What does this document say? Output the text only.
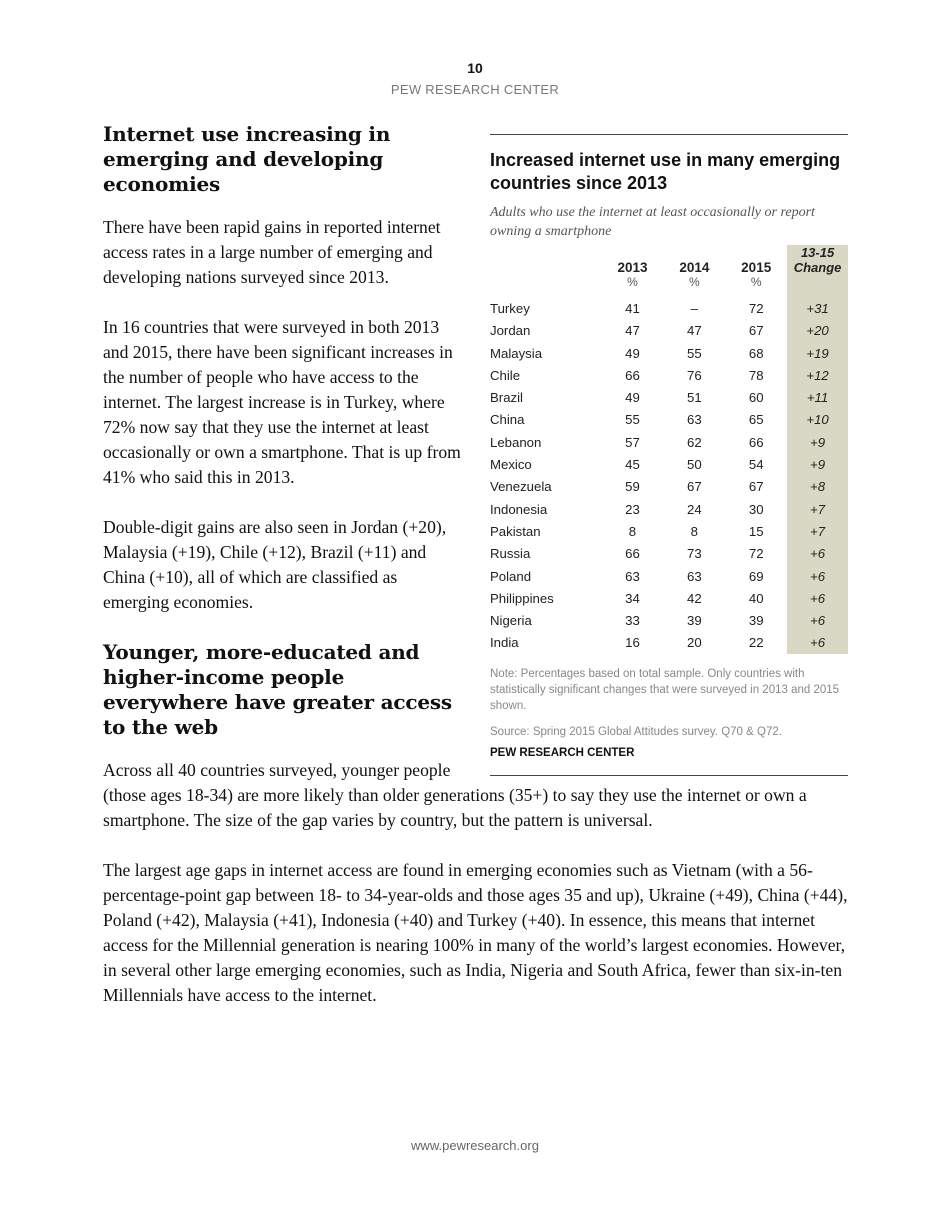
10
PEW RESEARCH CENTER
Increased internet use in many emerging countries since 2013
Adults who use the internet at least occasionally or report owning a smartphone
	2013	2014	2015	13-15 Change
	%	%	%	
Turkey	41	–	72	+31
Jordan	47	47	67	+20
Malaysia	49	55	68	+19
Chile	66	76	78	+12
Brazil	49	51	60	+11
China	55	63	65	+10
Lebanon	57	62	66	+9
Mexico	45	50	54	+9
Venezuela	59	67	67	+8
Indonesia	23	24	30	+7
Pakistan	8	8	15	+7
Russia	66	73	72	+6
Poland	63	63	69	+6
Philippines	34	42	40	+6
Nigeria	33	39	39	+6
India	16	20	22	+6
Note: Percentages based on total sample. Only countries with statistically significant changes that were surveyed in 2013 and 2015 shown.
Source: Spring 2015 Global Attitudes survey. Q70 & Q72.
PEW RESEARCH CENTER
Internet use increasing in emerging and developing economies

There have been rapid gains in reported internet access rates in a large number of emerging and developing nations surveyed since 2013.

In 16 countries that were surveyed in both 2013 and 2015, there have been significant increases in the number of people who have access to the internet. The largest increase is in Turkey, where 72% now say that they use the internet at least occasionally or own a smartphone. That is up from 41% who said this in 2013.

Double-digit gains are also seen in Jordan (+20), Malaysia (+19), Chile (+12), Brazil (+11) and China (+10), all of which are classified as emerging economies.

Younger, more-educated and higher-income people everywhere have greater access to the web

Across all 40 countries surveyed, younger people (those ages 18-34) are more likely than older generations (35+) to say they use the internet or own a smartphone. The size of the gap varies by country, but the pattern is universal.

The largest age gaps in internet access are found in emerging economies such as Vietnam (with a 56-percentage-point gap between 18- to 34-year-olds and those ages 35 and up), Ukraine (+49), China (+44), Poland (+42), Malaysia (+41), Indonesia (+40) and Turkey (+40). In essence, this means that internet access for the Millennial generation is nearing 100% in many of the world’s largest economies. However, in several other large emerging economies, such as India, Nigeria and South Africa, fewer than six-in-ten Millennials have access to the internet.

www.pewresearch.org
